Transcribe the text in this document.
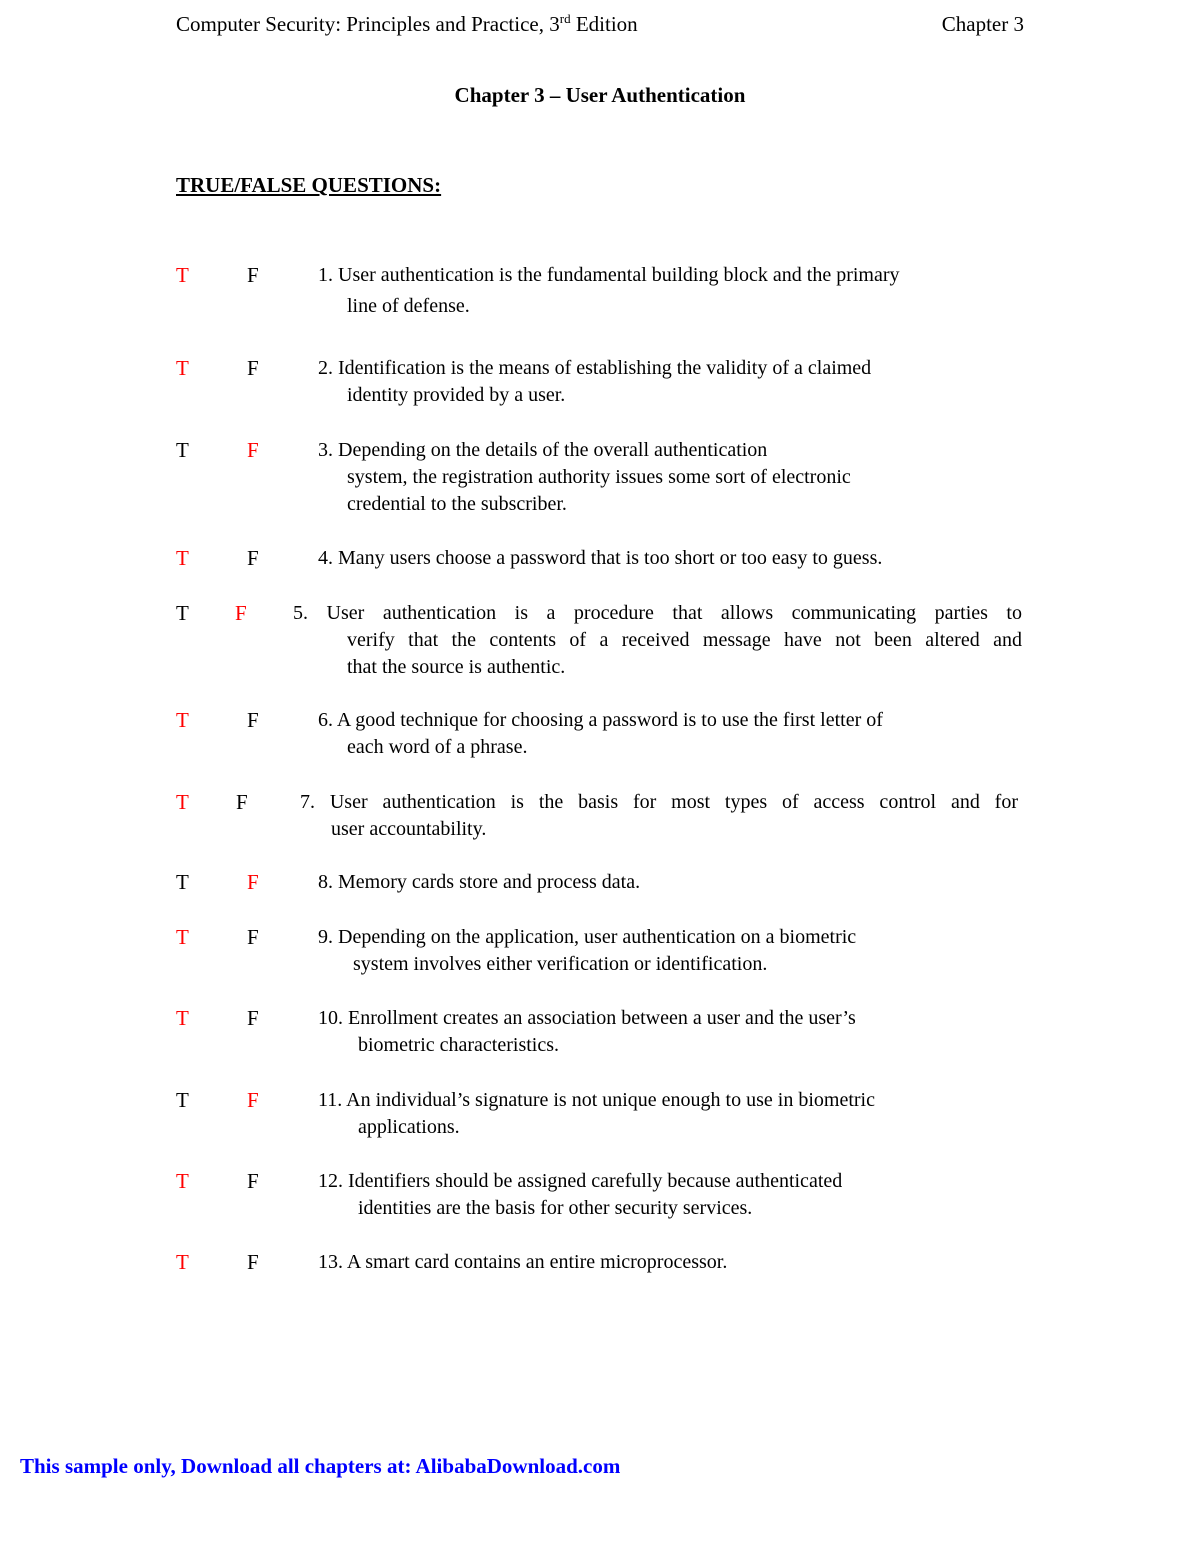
Computer Security: Principles and Practice, 3rd Edition	Chapter 3
Chapter 3 – User Authentication
TRUE/FALSE QUESTIONS:
T	F	1. User authentication is the fundamental building block and the primary
line of defense.
T	F	2. Identification is the means of establishing the validity of a claimed
identity provided by a user.
T	F	3. Depending on the details of the overall authentication
system, the registration authority issues some sort of electronic
credential to the subscriber.
T	F	4. Many users choose a password that is too short or too easy to guess.
T F 5. User authentication is a procedure that allows communicating parties to
verify that the contents of a received message have not been altered and
that the source is authentic.
T	F	6. A good technique for choosing a password is to use the first letter of
each word of a phrase.
T F	7. User authentication is the basis for most types of access control and for
user accountability.
T	F	8. Memory cards store and process data.
T	F	9. Depending on the application, user authentication on a biometric
system involves either verification or identification.
T	F	10. Enrollment creates an association between a user and the user’s
biometric characteristics.
T	F	11. An individual’s signature is not unique enough to use in biometric
applications.
T	F	12. Identifiers should be assigned carefully because authenticated
identities are the basis for other security services.
T	F	13. A smart card contains an entire microprocessor.
This sample only, Download all chapters at: AlibabaDownload.com
